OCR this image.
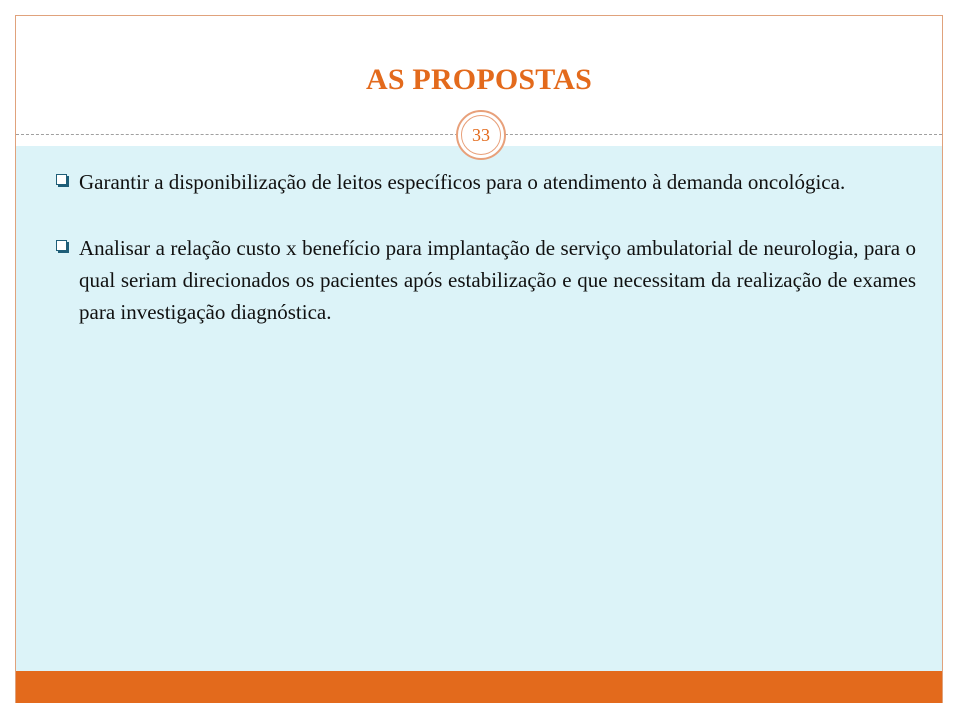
AS PROPOSTAS
33
Garantir a disponibilização de leitos específicos para o atendimento à demanda oncológica.
Analisar a relação custo x benefício para implantação de serviço ambulatorial de neurologia, para o qual seriam direcionados os pacientes após estabilização e que necessitam da realização de exames para investigação diagnóstica.
